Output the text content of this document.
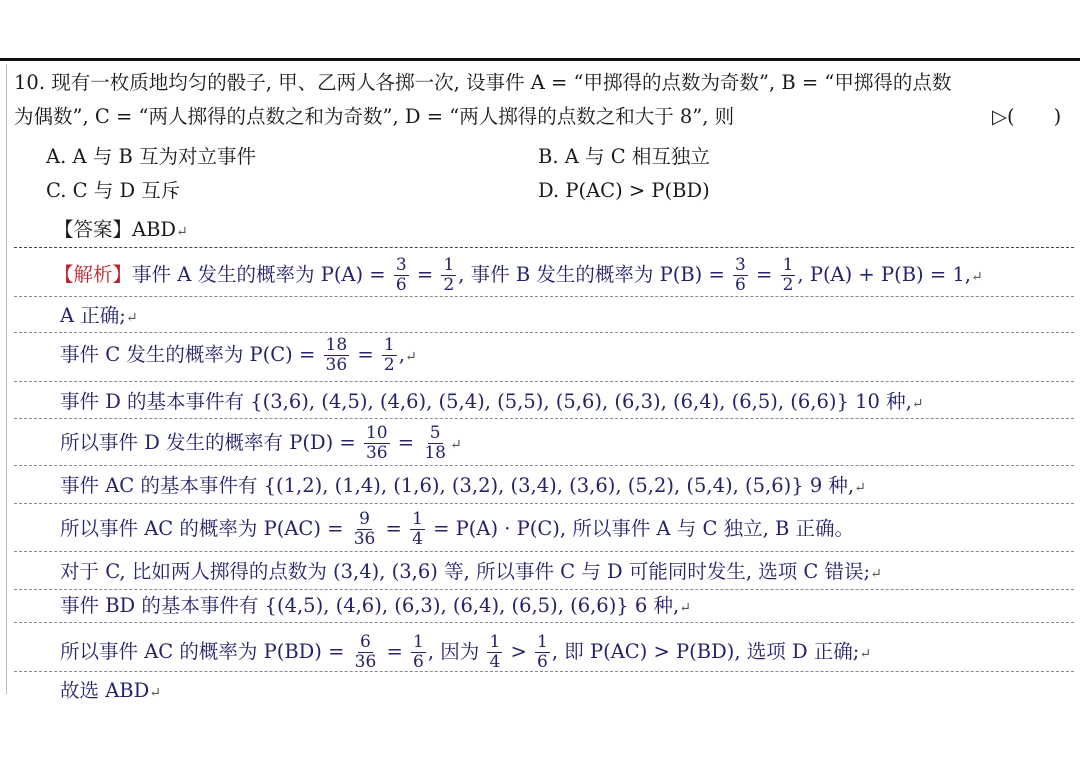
10. 现有一枚质地均匀的骰子, 甲、乙两人各掷一次, 设事件 A = “甲掷得的点数为奇数”, B = “甲掷得的点数
为偶数”, C = “两人掷得的点数之和为奇数”, D = “两人掷得的点数之和大于 8”, 则	▷(　　)
A. A 与 B 互为对立事件	B. A 与 C 相互独立
C. C 与 D 互斥	D. P(AC) > P(BD)
【答案】ABD↵
【解析】事件 A 发生的概率为 $P(A) = \frac{3}{6} = \frac{1}{2}$ , 事件 B 发生的概率为 $P(B) = \frac{3}{6} = \frac{1}{2}$ , P(A) + P(B) = 1,↵
A 正确;↵
事件 C 发生的概率为 $P(C) = \frac{18}{36} = \frac{1}{2}$ ,↵
事件 D 的基本事件有 {(3,6), (4,5), (4,6), (5,4), (5,5), (5,6), (6,3), (6,4), (6,5), (6,6)} 10 种,↵
所以事件 D 发生的概率有 $P(D) = \frac{10}{36} = \frac{5}{18}$ ↵
事件 AC 的基本事件有 {(1,2), (1,4), (1,6), (3,2), (3,4), (3,6), (5,2), (5,4), (5,6)} 9 种,↵
所以事件 AC 的概率为 $P(AC) = \frac{9}{36} = \frac{1}{4} = P(A) \cdot P(C)$, 所以事件 A 与 C 独立, B 正确。
对于 C, 比如两人掷得的点数为 (3,4), (3,6) 等, 所以事件 C 与 D 可能同时发生, 选项 C 错误;↵
事件 BD 的基本事件有 {(4,5), (4,6), (6,3), (6,4), (6,5), (6,6)} 6 种,↵
所以事件 AC 的概率为 $P(BD) = \frac{6}{36} = \frac{1}{6}$ , 因为 $\frac{1}{4} > \frac{1}{6}$ , 即 P(AC) > P(BD), 选项 D 正确;↵
故选 ABD↵
